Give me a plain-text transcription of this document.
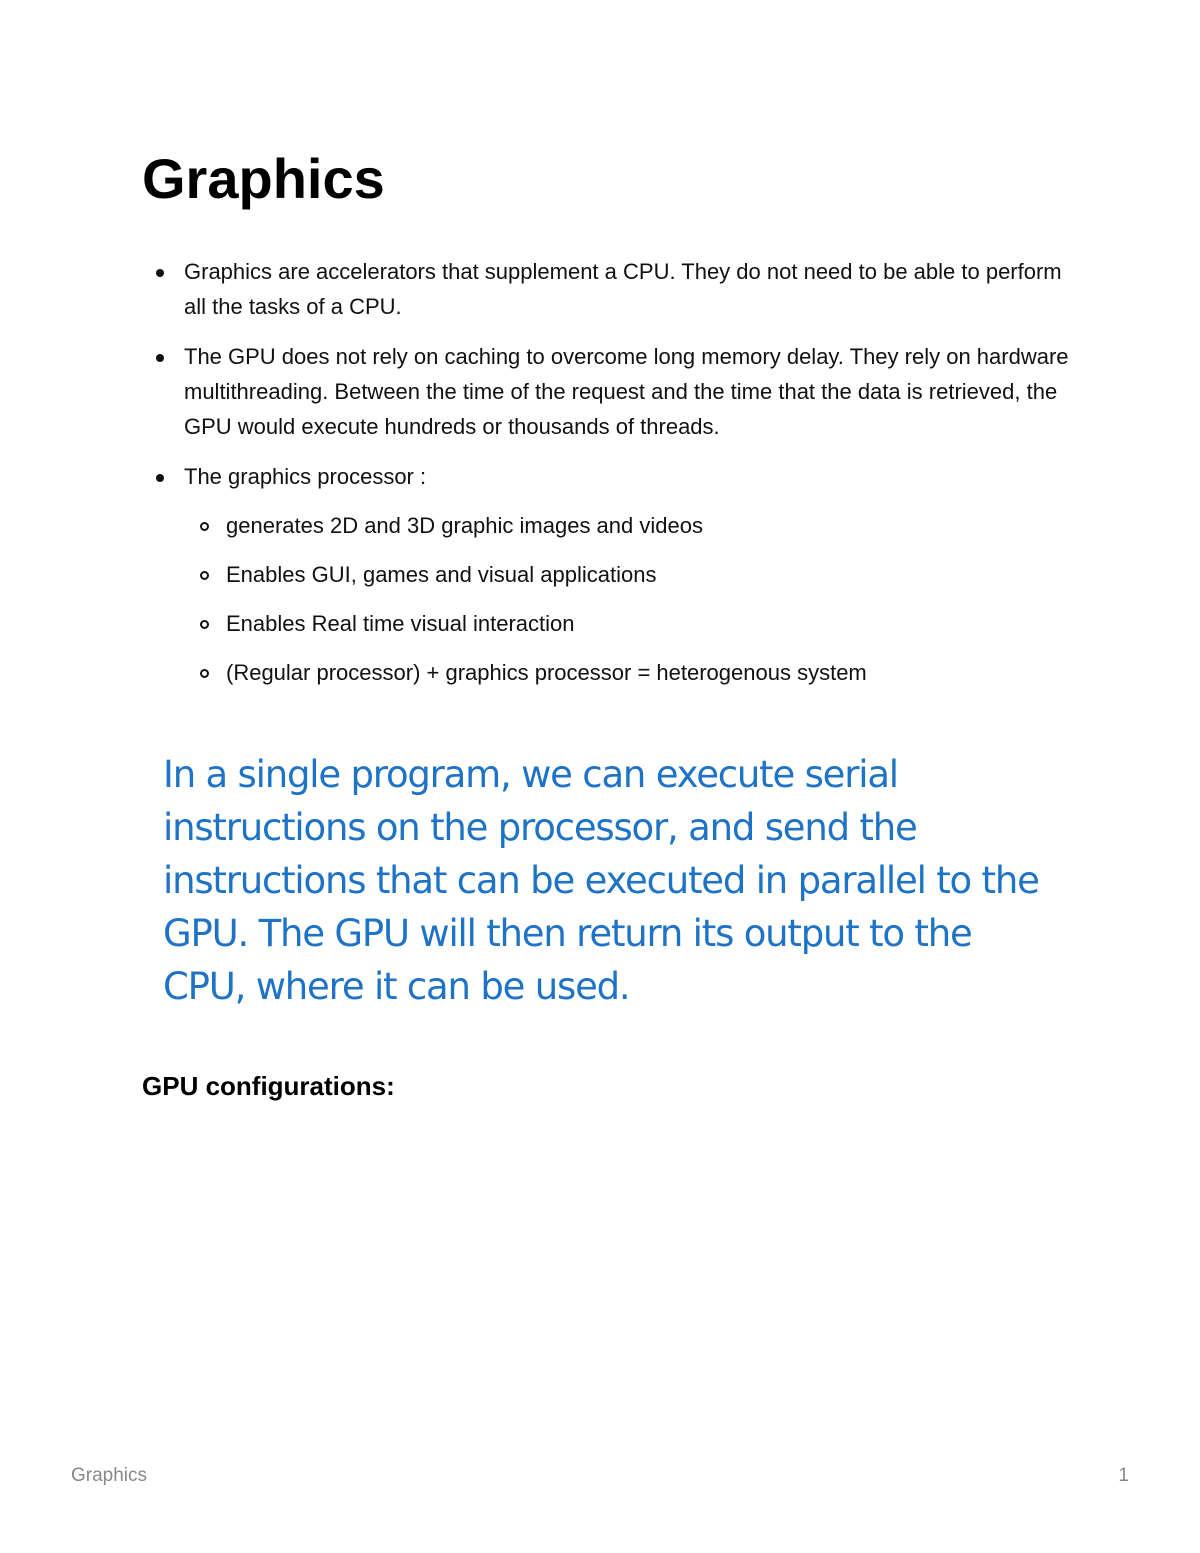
Graphics
Graphics are accelerators that supplement a CPU. They do not need to be able to perform all the tasks of a CPU.
The GPU does not rely on caching to overcome long memory delay. They rely on hardware multithreading. Between the time of the request and the time that the data is retrieved, the GPU would execute hundreds or thousands of threads.
The graphics processor :
generates 2D and 3D graphic images and videos
Enables GUI, games and visual applications
Enables Real time visual interaction
(Regular processor) + graphics processor = heterogenous system

In a single program, we can execute serial instructions on the processor, and send the instructions that can be executed in parallel to the GPU. The GPU will then return its output to the CPU, where it can be used.

GPU configurations:
Graphics	1
